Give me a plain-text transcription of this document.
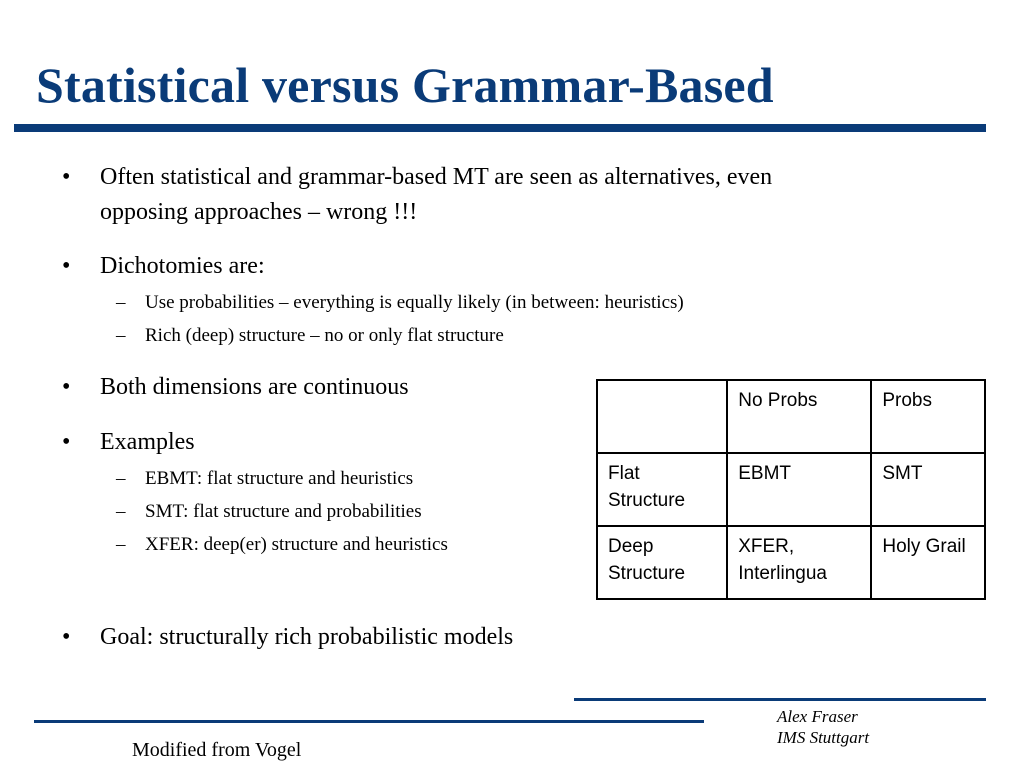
Statistical versus Grammar-Based
• Often statistical and grammar-based MT are seen as alternatives, even
opposing approaches – wrong !!!
• Dichotomies are:
– Use probabilities – everything is equally likely (in between: heuristics)
– Rich (deep) structure – no or only flat structure
• Both dimensions are continuous
• Examples
– EBMT: flat structure and heuristics
– SMT: flat structure and probabilities
– XFER: deep(er) structure and heuristics
• Goal: structurally rich probabilistic models
	No Probs	Probs
Flat Structure	EBMT	SMT
Deep Structure	XFER, Interlingua	Holy Grail
Modified from Vogel
Alex Fraser
IMS Stuttgart
